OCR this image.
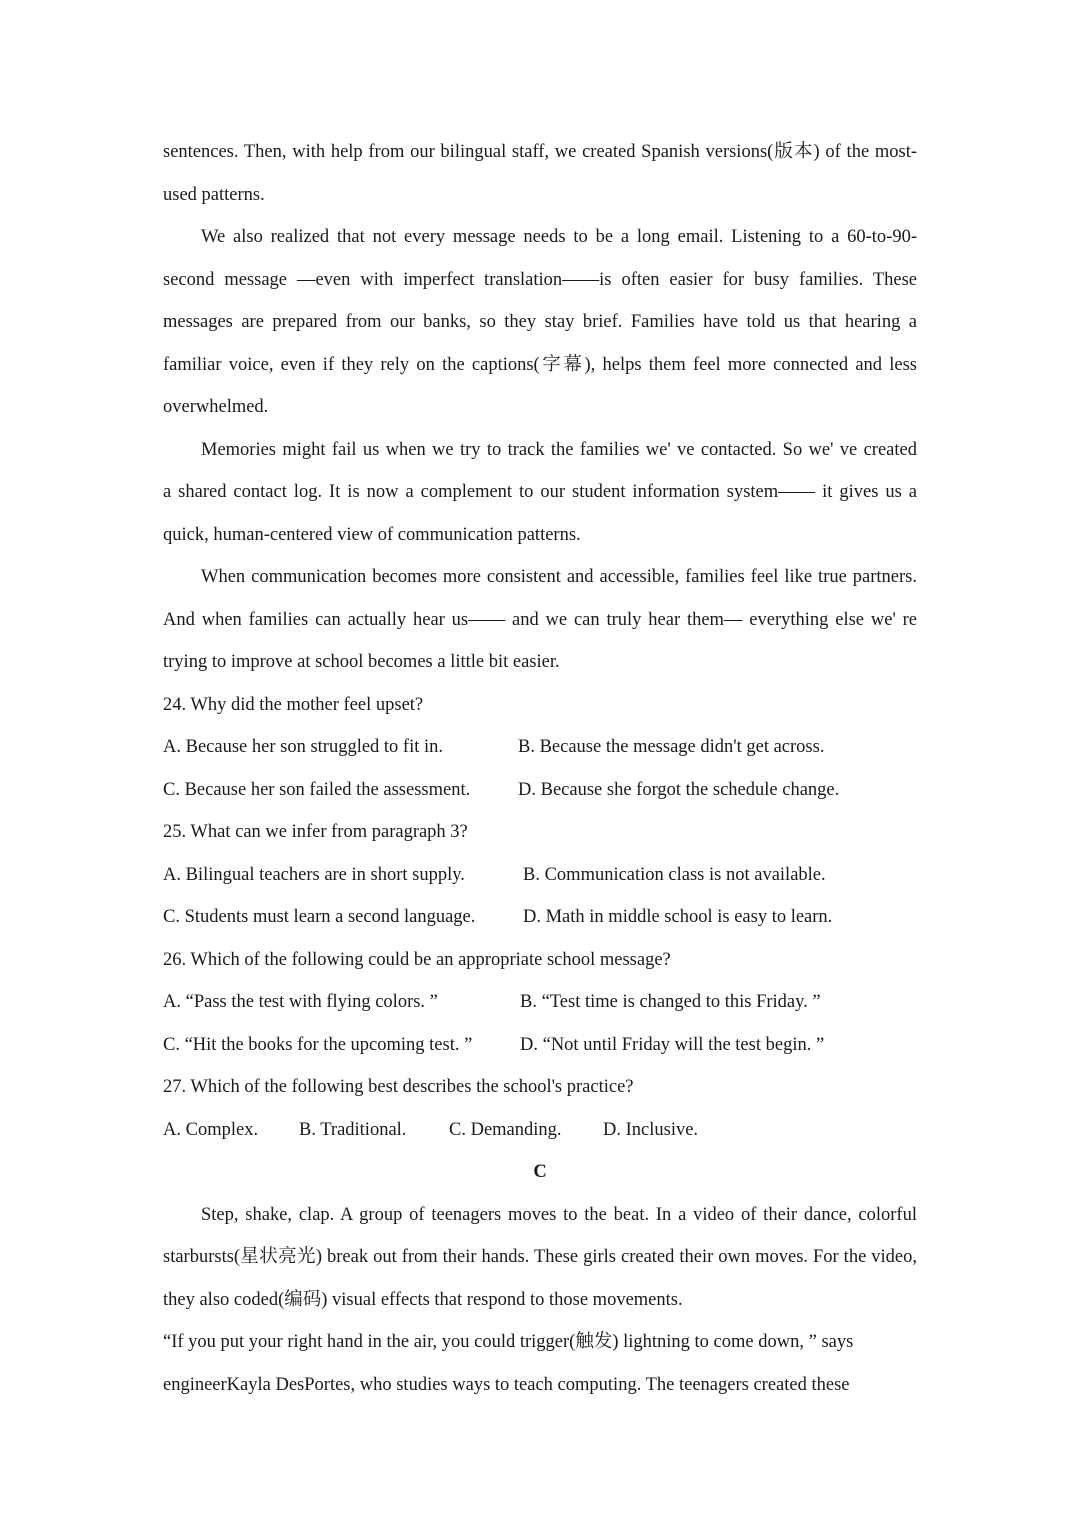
sentences. Then, with help from our bilingual staff, we created Spanish versions(版本) of the most-
used patterns.
We also realized that not every message needs to be a long email. Listening to a 60-to-90-
second message —even with imperfect translation——is often easier for busy families. These
messages are prepared from our banks, so they stay brief. Families have told us that hearing a
familiar voice, even if they rely on the captions(字幕), helps them feel more connected and less
overwhelmed.
Memories might fail us when we try to track the families we' ve contacted. So we' ve created
a shared contact log. It is now a complement to our student information system—— it gives us a
quick, human-centered view of communication patterns.
When communication becomes more consistent and accessible, families feel like true partners.
And when families can actually hear us—— and we can truly hear them— everything else we' re
trying to improve at school becomes a little bit easier.
24. Why did the mother feel upset?
A. Because her son struggled to fit in.	B. Because the message didn't get across.
C. Because her son failed the assessment.	D. Because she forgot the schedule change.
25. What can we infer from paragraph 3?
A. Bilingual teachers are in short supply.	B. Communication class is not available.
C. Students must learn a second language.	D. Math in middle school is easy to learn.
26. Which of the following could be an appropriate school message?
A. “Pass the test with flying colors. ”	B. “Test time is changed to this Friday. ”
C. “Hit the books for the upcoming test. ”	D. “Not until Friday will the test begin. ”
27. Which of the following best describes the school's practice?
A. Complex. B. Traditional. C. Demanding. D. Inclusive.
C
Step, shake, clap. A group of teenagers moves to the beat. In a video of their dance, colorful
starbursts(星状亮光) break out from their hands. These girls created their own moves. For the video,
they also coded(编码) visual effects that respond to those movements.
“If you put your right hand in the air, you could trigger(触发) lightning to come down, ” says
engineerKayla DesPortes, who studies ways to teach computing. The teenagers created these
